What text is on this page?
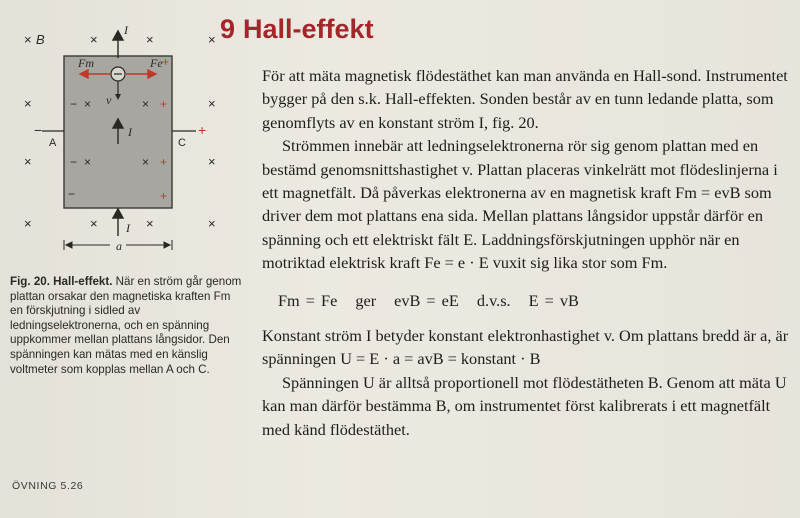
× B	×	×	×
×	×
×	×
×	×	×	×
I
I
I
Fm	Fe
v
a
− ×	×
− ×	×
−
+
+
+
+
+
−
A	C
Fig. 20. Hall-effekt. När en ström går genom plattan orsakar den magnetiska kraften Fm en förskjutning i sidled av ledningselektronerna, och en spänning uppkommer mellan plattans långsidor. Den spänningen kan mätas med en känslig voltmeter som kopplas mellan A och C.
ÖVNING 5.26
9 Hall-effekt

För att mäta magnetisk flödestäthet kan man använda en Hall-sond. Instrumentet bygger på den s.k. Hall-effekten. Sonden består av en tunn ledande platta, som genomflyts av en konstant ström I, fig. 20.

Strömmen innebär att ledningselektronerna rör sig genom plattan med en bestämd genomsnittshastighet v. Plattan placeras vinkelrätt mot flödeslinjerna i ett magnetfält. Då påverkas elektronerna av en magnetisk kraft Fm = evB som driver dem mot plattans ena sida. Mellan plattans långsidor uppstår därför en spänning och ett elektriskt fält E. Laddningsförskjutningen upphör när en motriktad elektrisk kraft Fe = e · E vuxit sig lika stor som Fm.

Fm = Fe ger evB = eE d.v.s. E = vB

Konstant ström I betyder konstant elektronhastighet v. Om plattans bredd är a, är spänningen U = E · a = avB = konstant · B

Spänningen U är alltså proportionell mot flödestätheten B. Genom att mäta U kan man därför bestämma B, om instrumentet först kalibrerats i ett magnetfält med känd flödestäthet.
